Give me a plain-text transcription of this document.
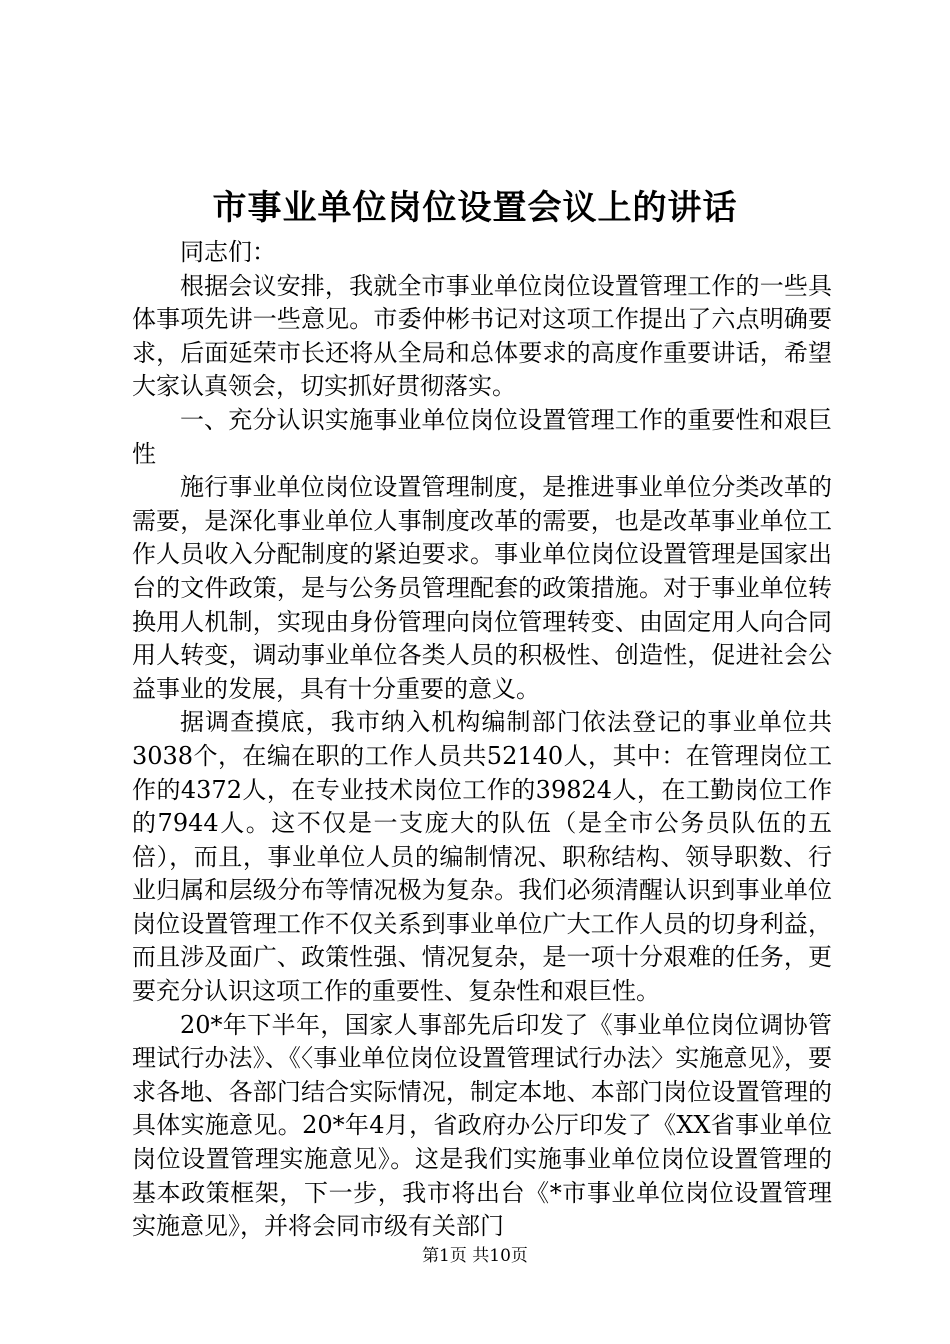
市事业单位岗位设置会议上的讲话

同志们：

根据会议安排，我就全市事业单位岗位设置管理工作的一些具体事项先讲一些意见。市委仲彬书记对这项工作提出了六点明确要求，后面延荣市长还将从全局和总体要求的高度作重要讲话，希望大家认真领会，切实抓好贯彻落实。

一、充分认识实施事业单位岗位设置管理工作的重要性和艰巨性

施行事业单位岗位设置管理制度，是推进事业单位分类改革的需要，是深化事业单位人事制度改革的需要，也是改革事业单位工作人员收入分配制度的紧迫要求。事业单位岗位设置管理是国家出台的文件政策，是与公务员管理配套的政策措施。对于事业单位转换用人机制，实现由身份管理向岗位管理转变、由固定用人向合同用人转变，调动事业单位各类人员的积极性、创造性，促进社会公益事业的发展，具有十分重要的意义。

据调查摸底，我市纳入机构编制部门依法登记的事业单位共3038个，在编在职的工作人员共52140人，其中：在管理岗位工作的4372人，在专业技术岗位工作的39824人，在工勤岗位工作的7944人。这不仅是一支庞大的队伍（是全市公务员队伍的五倍），而且，事业单位人员的编制情况、职称结构、领导职数、行业归属和层级分布等情况极为复杂。我们必须清醒认识到事业单位岗位设置管理工作不仅关系到事业单位广大工作人员的切身利益，而且涉及面广、政策性强、情况复杂，是一项十分艰难的任务，更要充分认识这项工作的重要性、复杂性和艰巨性。

20*年下半年，国家人事部先后印发了《事业单位岗位调协管理试行办法》、《〈事业单位岗位设置管理试行办法〉实施意见》，要求各地、各部门结合实际情况，制定本地、本部门岗位设置管理的具体实施意见。20*年4月，省政府办公厅印发了《XX省事业单位岗位设置管理实施意见》。这是我们实施事业单位岗位设置管理的基本政策框架，下一步，我市将出台《*市事业单位岗位设置管理实施意见》，并将会同市级有关部门

第1页 共10页
